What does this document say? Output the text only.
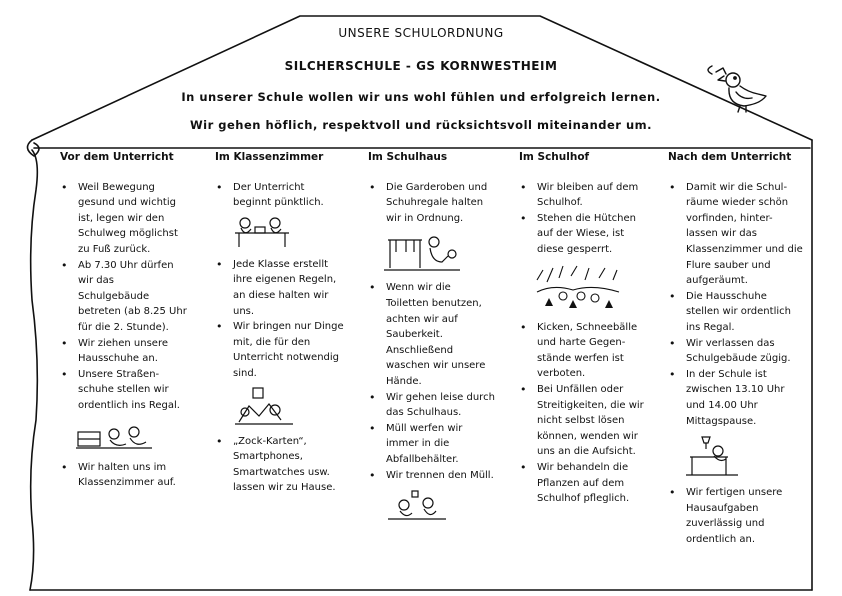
UNSERE SCHULORDNUNG
SILCHERSCHULE - GS KORNWESTHEIM
In unserer Schule wollen wir uns wohl fühlen und erfolgreich lernen.
Wir gehen höflich, respektvoll und rücksichtsvoll miteinander um.
Vor dem Unterricht
• Weil Bewegung gesund und wichtig ist, legen wir den Schulweg möglichst zu Fuß zurück.
• Ab 7.30 Uhr dürfen wir das Schulgebäude betreten (ab 8.25 Uhr für die 2. Stunde).
• Wir ziehen unsere Hausschuhe an.
• Unsere Straßen-schuhe stellen wir ordentlich ins Regal.
• Wir halten uns im Klassenzimmer auf.
Im Klassenzimmer
• Der Unterricht beginnt pünktlich.
• Jede Klasse erstellt ihre eigenen Regeln, an diese halten wir uns.
• Wir bringen nur Dinge mit, die für den Unterricht notwendig sind.
• „Zock-Karten“, Smartphones, Smartwatches usw. lassen wir zu Hause.
Im Schulhaus
• Die Garderoben und Schuhregale halten wir in Ordnung.
• Wenn wir die Toiletten benutzen, achten wir auf Sauberkeit. Anschließend waschen wir unsere Hände.
• Wir gehen leise durch das Schulhaus.
• Müll werfen wir immer in die Abfallbehälter.
• Wir trennen den Müll.
Im Schulhof
• Wir bleiben auf dem Schulhof.
• Stehen die Hütchen auf der Wiese, ist diese gesperrt.
• Kicken, Schneebälle und harte Gegen-stände werfen ist verboten.
• Bei Unfällen oder Streitigkeiten, die wir nicht selbst lösen können, wenden wir uns an die Aufsicht.
• Wir behandeln die Pflanzen auf dem Schulhof pfleglich.
Nach dem Unterricht
• Damit wir die Schul-räume wieder schön vorfinden, hinter-lassen wir das Klassenzimmer und die Flure sauber und aufgeräumt.
• Die Hausschuhe stellen wir ordentlich ins Regal.
• Wir verlassen das Schulgebäude zügig.
• In der Schule ist zwischen 13.10 Uhr und 14.00 Uhr Mittagspause.
• Wir fertigen unsere Hausaufgaben zuverlässig und ordentlich an.
